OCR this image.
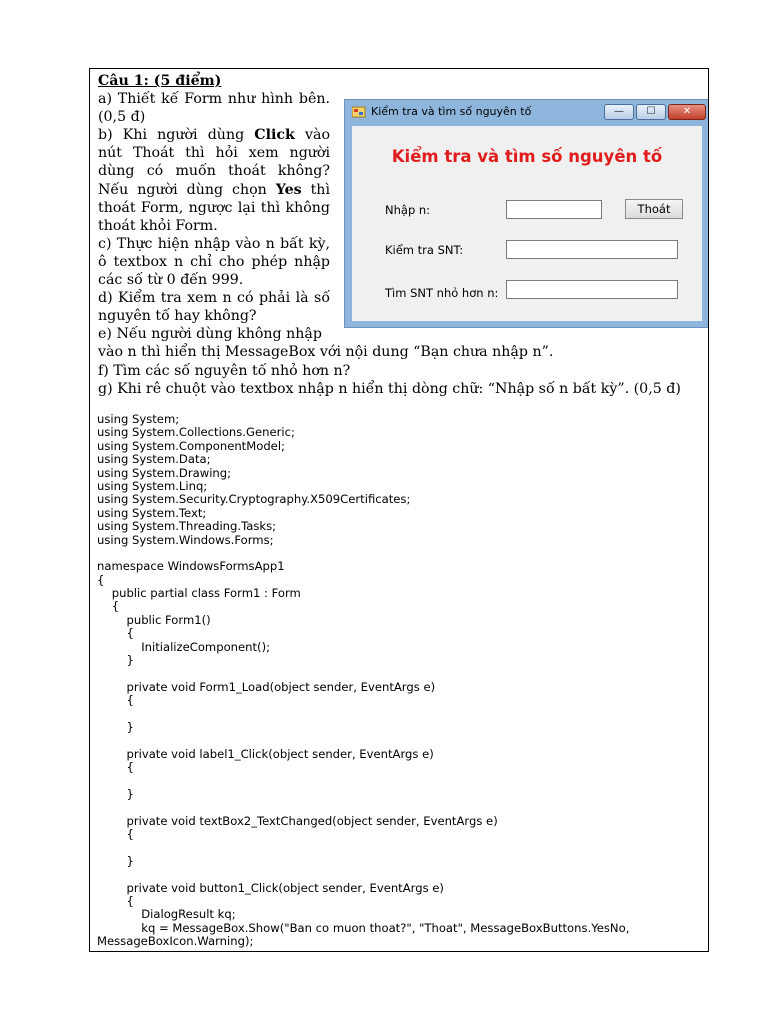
Câu 1: (5 điểm)

a) Thiết kế Form như hình bên. (0,5 đ)

b) Khi người dùng Click vào nút Thoát thì hỏi xem người dùng có muốn thoát không? Nếu người dùng chọn Yes thì thoát Form, ngược lại thì không thoát khỏi Form.

c) Thực hiện nhập vào n bất kỳ, ô textbox n chỉ cho phép nhập các số từ 0 đến 999.

d) Kiểm tra xem n có phải là số nguyên tố hay không?

e) Nếu người dùng không nhập

vào n thì hiển thị MessageBox với nội dung “Bạn chưa nhập n”.

f) Tìm các số nguyên tố nhỏ hơn n?

g) Khi rê chuột vào textbox nhập n hiển thị dòng chữ: “Nhập số n bất kỳ”. (0,5 đ)

Kiểm tra và tìm số nguyên tố	—	☐	✕
Kiểm tra và tìm số nguyên tố
Nhập n:	Thoát
Kiểm tra SNT:
Tìm SNT nhỏ hơn n:
using System;
using System.Collections.Generic;
using System.ComponentModel;
using System.Data;
using System.Drawing;
using System.Linq;
using System.Security.Cryptography.X509Certificates;
using System.Text;
using System.Threading.Tasks;
using System.Windows.Forms;
namespace WindowsFormsApp1
{
public partial class Form1 : Form
{
public Form1()
{
InitializeComponent();
}
private void Form1_Load(object sender, EventArgs e)
{
}
private void label1_Click(object sender, EventArgs e)
{
}
private void textBox2_TextChanged(object sender, EventArgs e)
{
}
private void button1_Click(object sender, EventArgs e)
{
DialogResult kq;
kq = MessageBox.Show("Ban co muon thoat?", "Thoat", MessageBoxButtons.YesNo,
MessageBoxIcon.Warning);
